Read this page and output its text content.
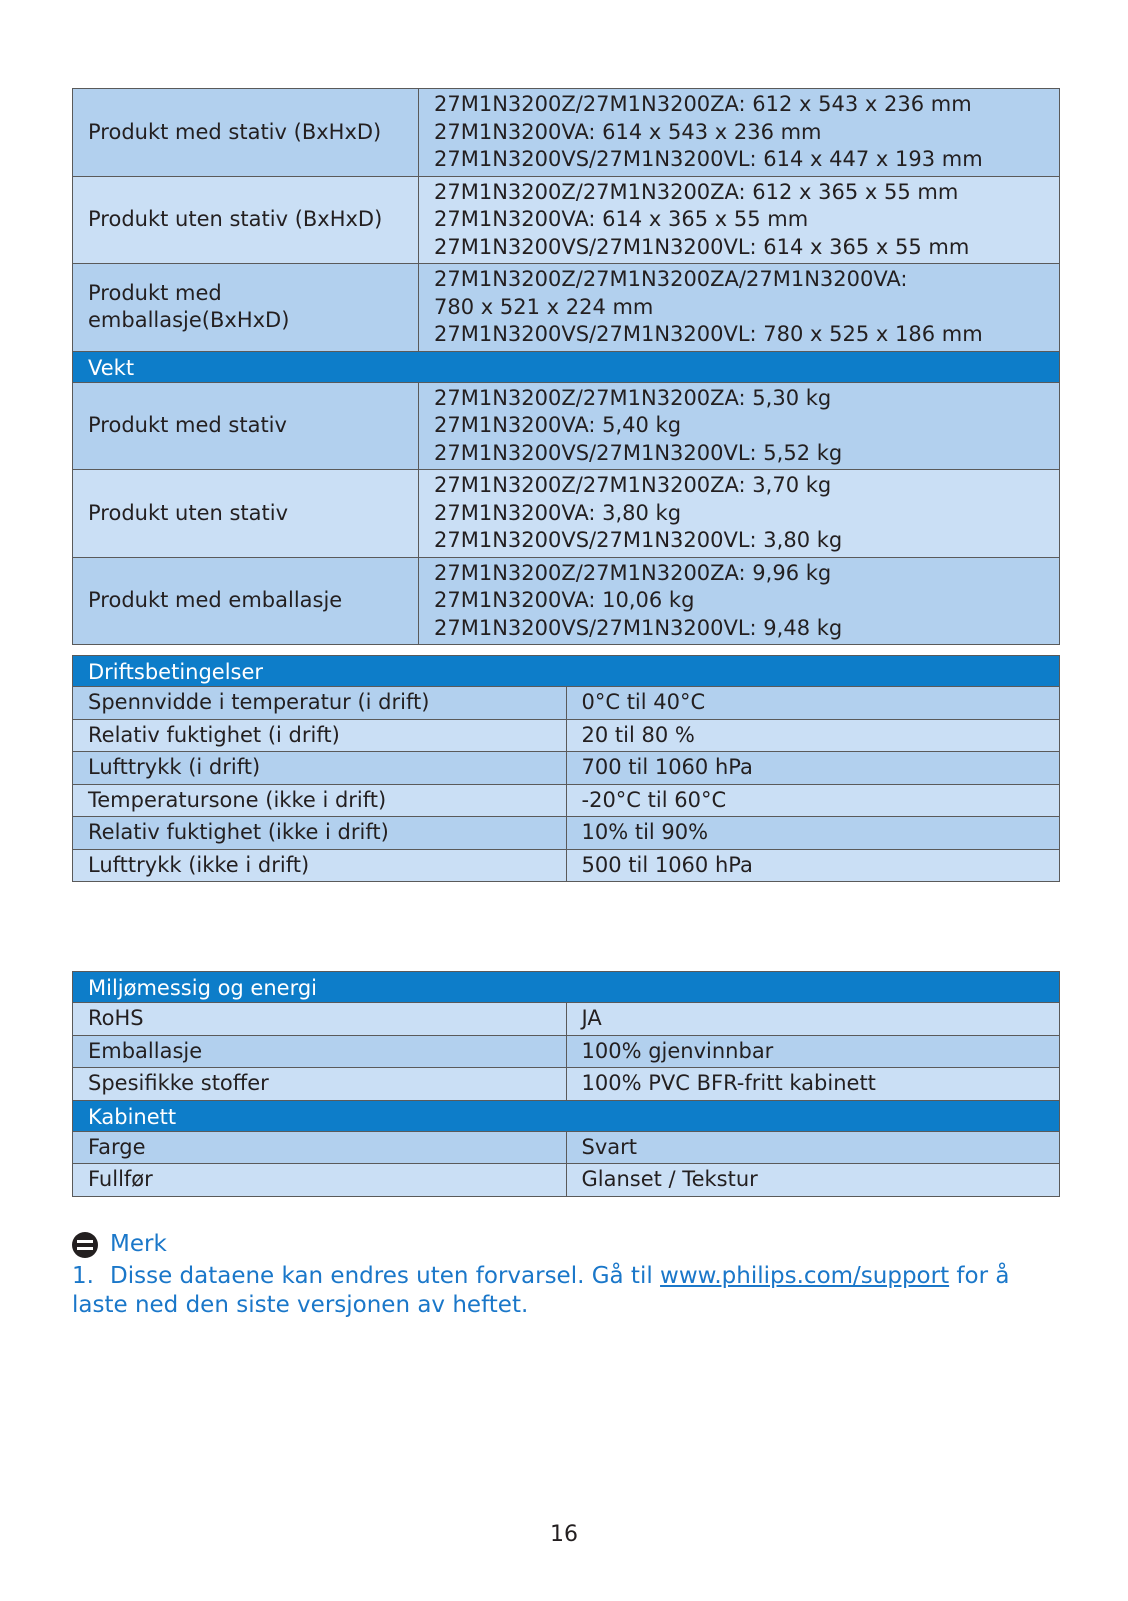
Produkt med stativ (BxHxD)	27M1N3200Z/27M1N3200ZA: 612 x 543 x 236 mm
27M1N3200VA: 614 x 543 x 236 mm
27M1N3200VS/27M1N3200VL: 614 x 447 x 193 mm

Produkt uten stativ (BxHxD)	27M1N3200Z/27M1N3200ZA: 612 x 365 x 55 mm
27M1N3200VA: 614 x 365 x 55 mm
27M1N3200VS/27M1N3200VL: 614 x 365 x 55 mm

Produkt med emballasje(BxHxD)	27M1N3200Z/27M1N3200ZA/27M1N3200VA:
780 x 521 x 224 mm
27M1N3200VS/27M1N3200VL: 780 x 525 x 186 mm

Vekt	
Produkt med stativ	27M1N3200Z/27M1N3200ZA: 5,30 kg
27M1N3200VA: 5,40 kg
27M1N3200VS/27M1N3200VL: 5,52 kg

Produkt uten stativ	27M1N3200Z/27M1N3200ZA: 3,70 kg
27M1N3200VA: 3,80 kg
27M1N3200VS/27M1N3200VL: 3,80 kg

Produkt med emballasje	27M1N3200Z/27M1N3200ZA: 9,96 kg
27M1N3200VA: 10,06 kg
27M1N3200VS/27M1N3200VL: 9,48 kg
Driftsbetingelser	
Spennvidde i temperatur (i drift)	0°C til 40°C
Relativ fuktighet (i drift)	20 til 80 %
Lufttrykk (i drift)	700 til 1060 hPa
Temperatursone (ikke i drift)	-20°C til 60°C
Relativ fuktighet (ikke i drift)	10% til 90%
Lufttrykk (ikke i drift)	500 til 1060 hPa
Miljømessig og energi	
RoHS	JA
Emballasje	100% gjenvinnbar
Spesifikke stoffer	100% PVC BFR-fritt kabinett
Kabinett	
Farge	Svart
Fullfør	Glanset / Tekstur
Merk
1. Disse dataene kan endres uten forvarsel. Gå til www.philips.com/support for å laste ned den siste versjonen av heftet.
16
